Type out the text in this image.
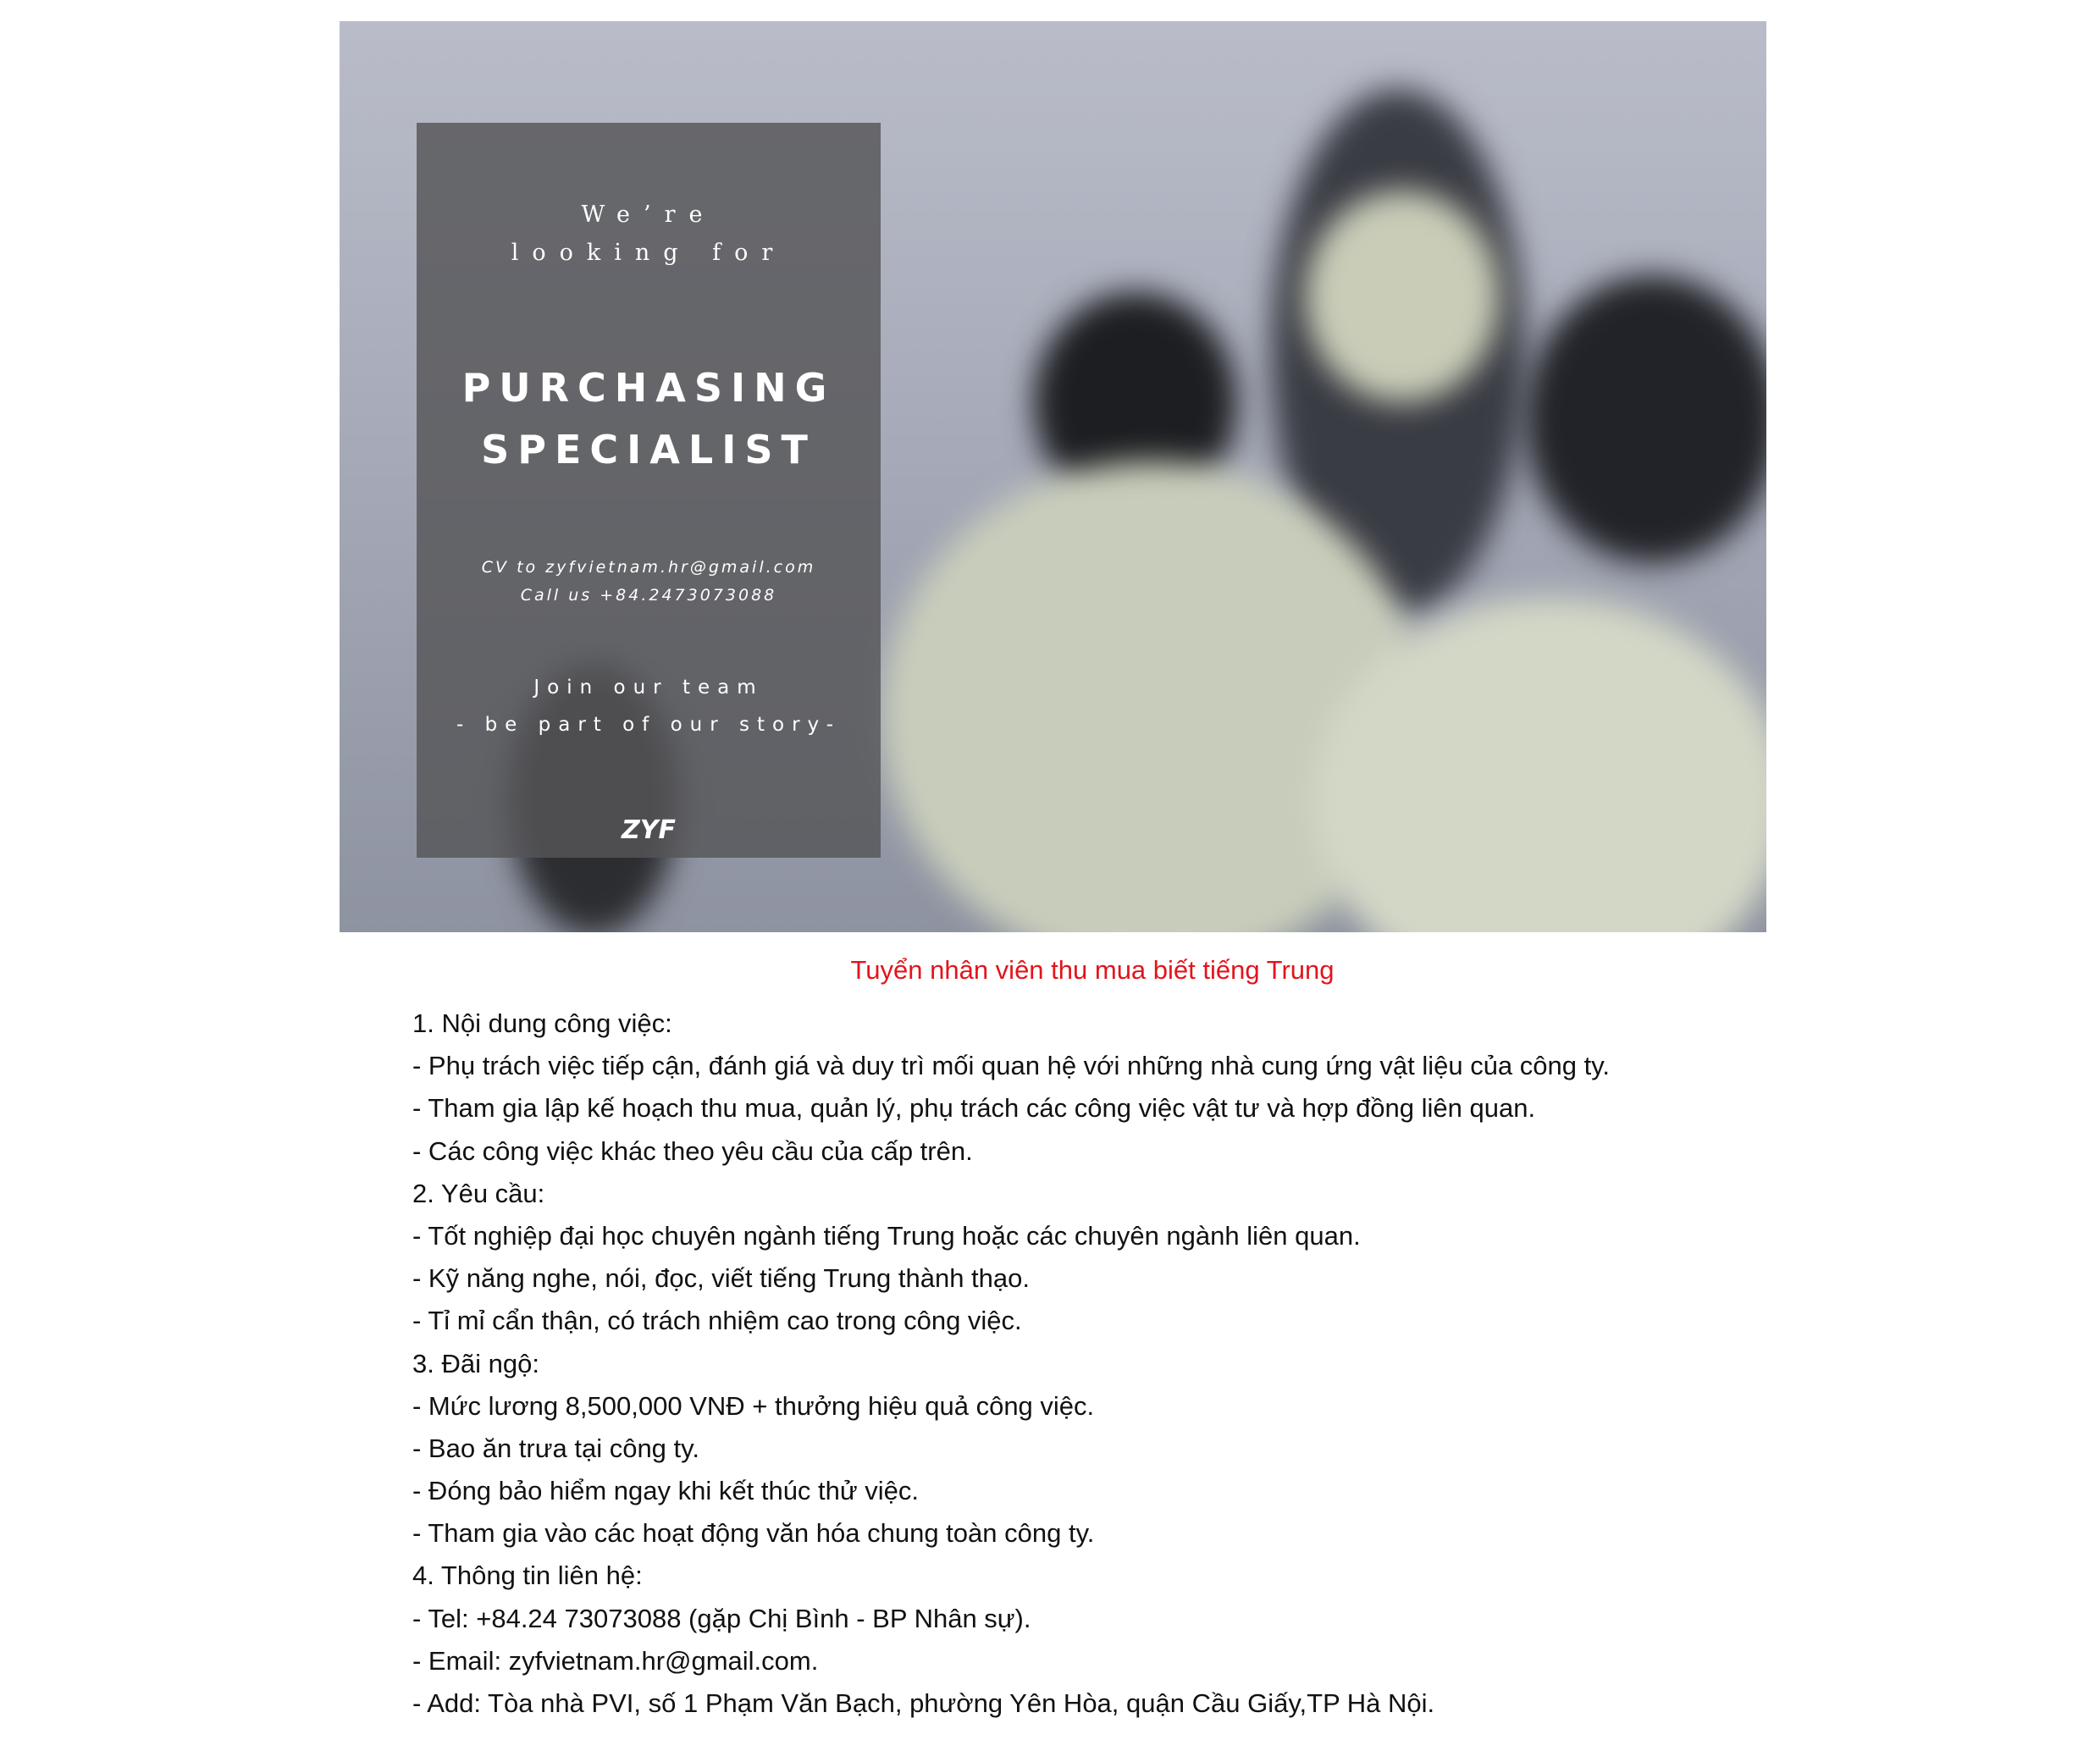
We’re
looking for
PURCHASING
SPECIALIST
CV to zyfvietnam.hr@gmail.com
Call us +84.2473073088
Join our team
- be part of our story-
ZYF
Tuyển nhân viên thu mua biết tiếng Trung
1. Nội dung công việc:
- Phụ trách việc tiếp cận, đánh giá và duy trì mối quan hệ với những nhà cung ứng vật liệu của công ty.
- Tham gia lập kế hoạch thu mua, quản lý, phụ trách các công việc vật tư và hợp đồng liên quan.
- Các công việc khác theo yêu cầu của cấp trên.
2. Yêu cầu:
- Tốt nghiệp đại học chuyên ngành tiếng Trung hoặc các chuyên ngành liên quan.
- Kỹ năng nghe, nói, đọc, viết tiếng Trung thành thạo.
- Tỉ mỉ cẩn thận, có trách nhiệm cao trong công việc.
3. Đãi ngộ:
- Mức lương 8,500,000 VNĐ + thưởng hiệu quả công việc.
- Bao ăn trưa tại công ty.
- Đóng bảo hiểm ngay khi kết thúc thử việc.
- Tham gia vào các hoạt động văn hóa chung toàn công ty.
4. Thông tin liên hệ:
- Tel: +84.24 73073088 (gặp Chị Bình - BP Nhân sự).
- Email: zyfvietnam.hr@gmail.com.
- Add: Tòa nhà PVI, số 1 Phạm Văn Bạch, phường Yên Hòa, quận Cầu Giấy,TP Hà Nội.
